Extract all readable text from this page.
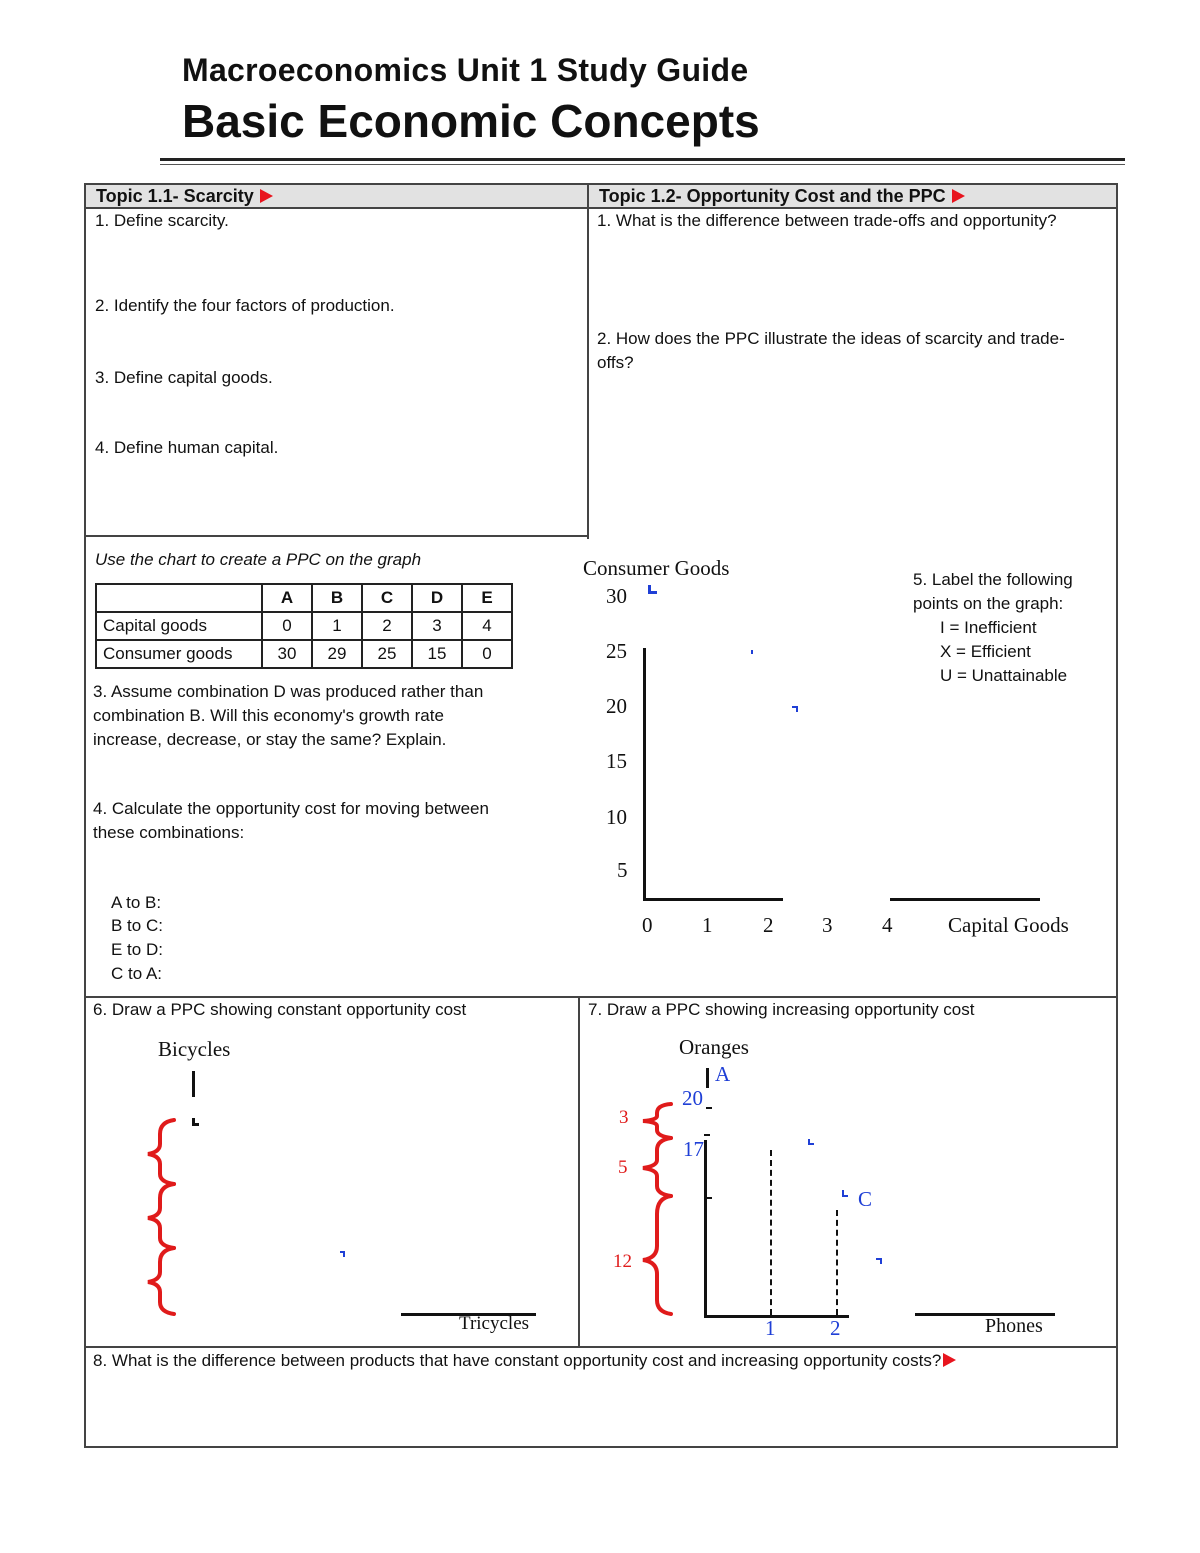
Macroeconomics Unit 1 Study Guide
Basic Economic Concepts
Topic 1.1- Scarcity
1. Define scarcity.
2. Identify the four factors of production.
3. Define capital goods.
4. Define human capital.
Topic 1.2- Opportunity Cost and the PPC
1. What is the difference between trade-offs and opportunity?
2. How does the PPC illustrate the ideas of scarcity and trade-offs?
Use the chart to create a PPC on the graph
	A	B	C	D	E
Capital goods	0	1	2	3	4
Consumer goods	30	29	25	15	0
3. Assume combination D was produced rather than combination B. Will this economy's growth rate increase, decrease, or stay the same? Explain.
4. Calculate the opportunity cost for moving between these combinations:
A to B:
B to C:
E to D:
C to A:
Consumer Goods
30
25
20
15
10
5
0 1 2 3 4	Capital Goods
5. Label the following points on the graph:
I = Inefficient
X = Efficient
U = Unattainable
6. Draw a PPC showing constant opportunity cost
Bicycles
Tricycles
7. Draw a PPC showing increasing opportunity cost
Oranges
A
20
17
1	2
C
Phones
3
5
12
8. What is the difference between products that have constant opportunity cost and increasing opportunity costs?
